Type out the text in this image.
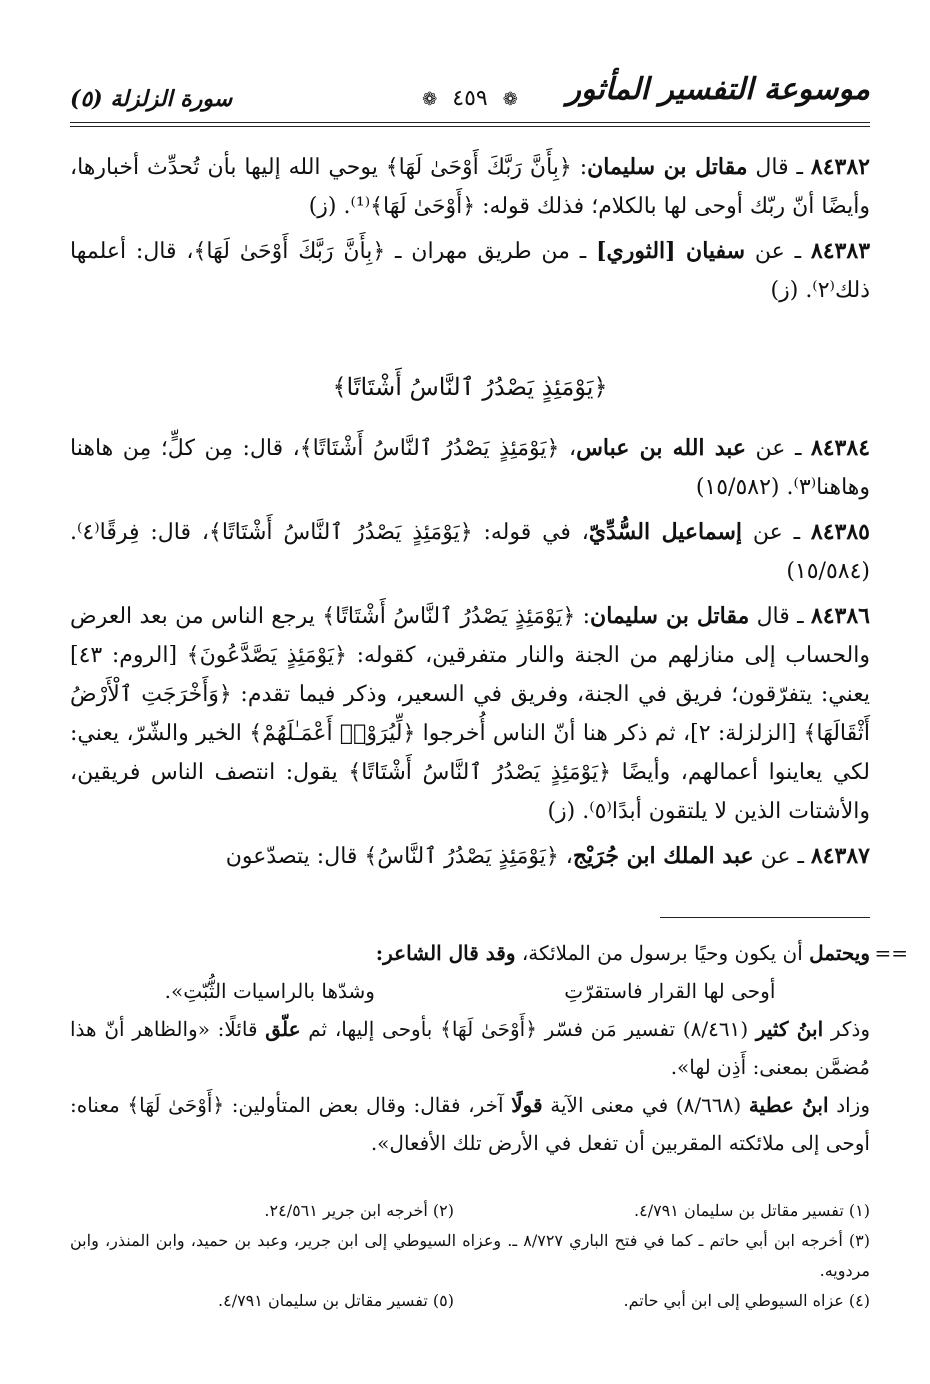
موسوعة التفسير المأثور
❁ ٤٥٩ ❁
سورة الزلزلة (٥)

٨٤٣٨٢ ـ قال مقاتل بن سليمان: ﴿بِأَنَّ رَبَّكَ أَوْحَىٰ لَهَا﴾ يوحي الله إليها بأن تُحدِّث أخبارها، وأيضًا أنّ ربّك أوحى لها بالكلام؛ فذلك قوله: ﴿أَوْحَىٰ لَهَا﴾⁽¹⁾. (ز)

٨٤٣٨٣ ـ عن سفيان [الثوري] ـ من طريق مهران ـ ﴿بِأَنَّ رَبَّكَ أَوْحَىٰ لَهَا﴾، قال: أعلمها ذلك⁽٢⁾. (ز)

﴿يَوْمَئِذٍ يَصْدُرُ ٱلنَّاسُ أَشْتَاتًا﴾

٨٤٣٨٤ ـ عن عبد الله بن عباس، ﴿يَوْمَئِذٍ يَصْدُرُ ٱلنَّاسُ أَشْتَاتًا﴾، قال: مِن كلٍّ؛ مِن هاهنا وهاهنا⁽٣⁾. (١٥/٥٨٢)

٨٤٣٨٥ ـ عن إسماعيل السُّدِّيّ، في قوله: ﴿يَوْمَئِذٍ يَصْدُرُ ٱلنَّاسُ أَشْتَاتًا﴾، قال: فِرقًا⁽٤⁾. (١٥/٥٨٤)

٨٤٣٨٦ ـ قال مقاتل بن سليمان: ﴿يَوْمَئِذٍ يَصْدُرُ ٱلنَّاسُ أَشْتَاتًا﴾ يرجع الناس من بعد العرض والحساب إلى منازلهم من الجنة والنار متفرقين، كقوله: ﴿يَوْمَئِذٍ يَصَّدَّعُونَ﴾ [الروم: ٤٣] يعني: يتفرّقون؛ فريق في الجنة، وفريق في السعير، وذكر فيما تقدم: ﴿وَأَخْرَجَتِ ٱلْأَرْضُ أَثْقَالَهَا﴾ [الزلزلة: ٢]، ثم ذكر هنا أنّ الناس أُخرجوا ﴿لِّيُرَوْا۟ أَعْمَـٰلَهُمْ﴾ الخير والشّرّ، يعني: لكي يعاينوا أعمالهم، وأيضًا ﴿يَوْمَئِذٍ يَصْدُرُ ٱلنَّاسُ أَشْتَاتًا﴾ يقول: انتصف الناس فريقين، والأشتات الذين لا يلتقون أبدًا⁽٥⁾. (ز)

٨٤٣٨٧ ـ عن عبد الملك ابن جُرَيْج، ﴿يَوْمَئِذٍ يَصْدُرُ ٱلنَّاسُ﴾ قال: يتصدّعون

==
ويحتمل أن يكون وحيًا برسول من الملائكة، وقد قال الشاعر:

أوحى لها القرار فاستقرّتِ
وشدّها بالراسيات الثُّبّتِ».

وذكر ابنُ كثير (٨/٤٦١) تفسير مَن فسّر ﴿أَوْحَىٰ لَهَا﴾ بأوحى إليها، ثم علّق قائلًا: «والظاهر أنّ هذا مُضمَّن بمعنى: أَذِن لها».

وزاد ابنُ عطية (٨/٦٦٨) في معنى الآية قولًا آخر، فقال: وقال بعض المتأولين: ﴿أَوْحَىٰ لَهَا﴾ معناه: أوحى إلى ملائكته المقربين أن تفعل في الأرض تلك الأفعال».

(١) تفسير مقاتل بن سليمان ٤/٧٩١.
(٢) أخرجه ابن جرير ٢٤/٥٦١.
(٣) أخرجه ابن أبي حاتم ـ كما في فتح الباري ٨/٧٢٧ ـ. وعزاه السيوطي إلى ابن جرير، وعبد بن حميد، وابن المنذر، وابن مردويه.
(٤) عزاه السيوطي إلى ابن أبي حاتم.
(٥) تفسير مقاتل بن سليمان ٤/٧٩١.
